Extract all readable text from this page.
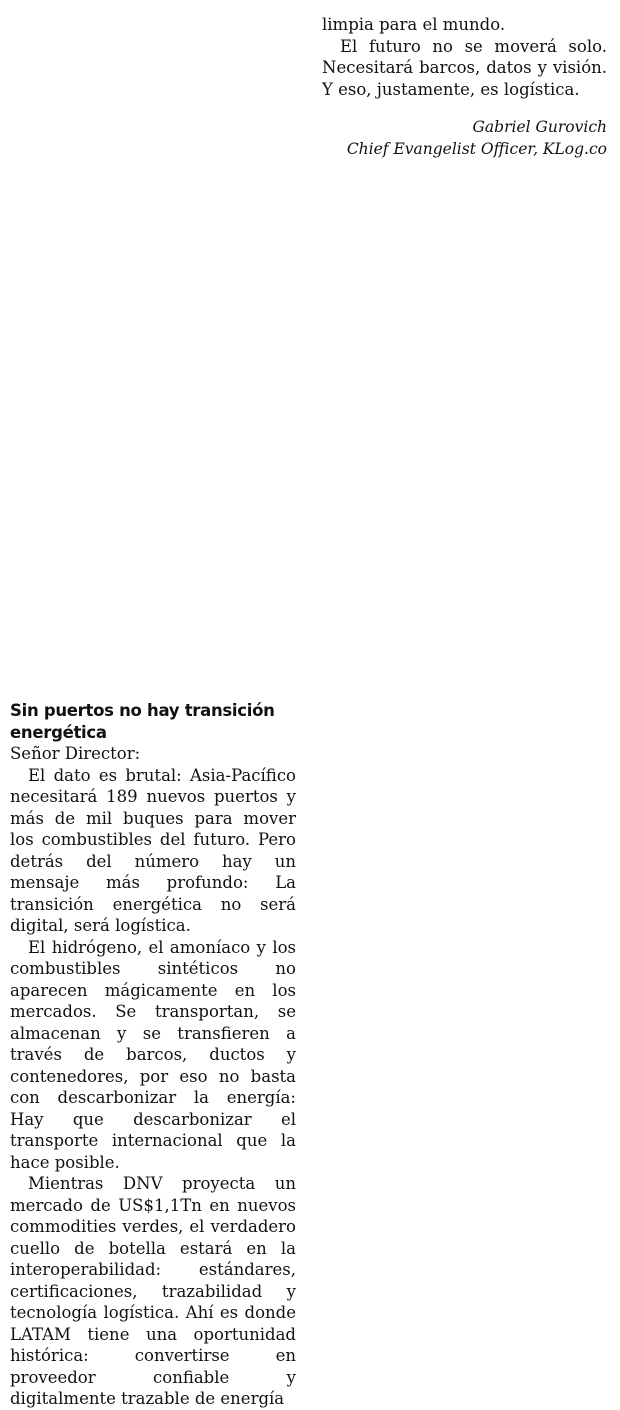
limpia para el mundo.

El futuro no se moverá solo. Necesitará barcos, datos y visión. Y eso, justamente, es logística.

Gabriel Gurovich
Chief Evangelist Officer, KLog.co
Sin puertos no hay transición energética

Señor Director:

El dato es brutal: Asia-Pacífico necesitará 189 nuevos puertos y más de mil buques para mover los combustibles del futuro. Pero detrás del número hay un mensaje más profundo: La transición energética no será digital, será logística.

El hidrógeno, el amoníaco y los combustibles sintéticos no aparecen mágicamente en los mercados. Se transportan, se almacenan y se transfieren a través de barcos, ductos y contenedores, por eso no basta con descarbonizar la energía: Hay que descarbonizar el transporte internacional que la hace posible.

Mientras DNV proyecta un mercado de US$1,1Tn en nuevos commodities verdes, el verdadero cuello de botella estará en la interoperabilidad: estándares, certificaciones, trazabilidad y tecnología logística. Ahí es donde LATAM tiene una oportunidad histórica: convertirse en proveedor confiable y digitalmente trazable de energía
